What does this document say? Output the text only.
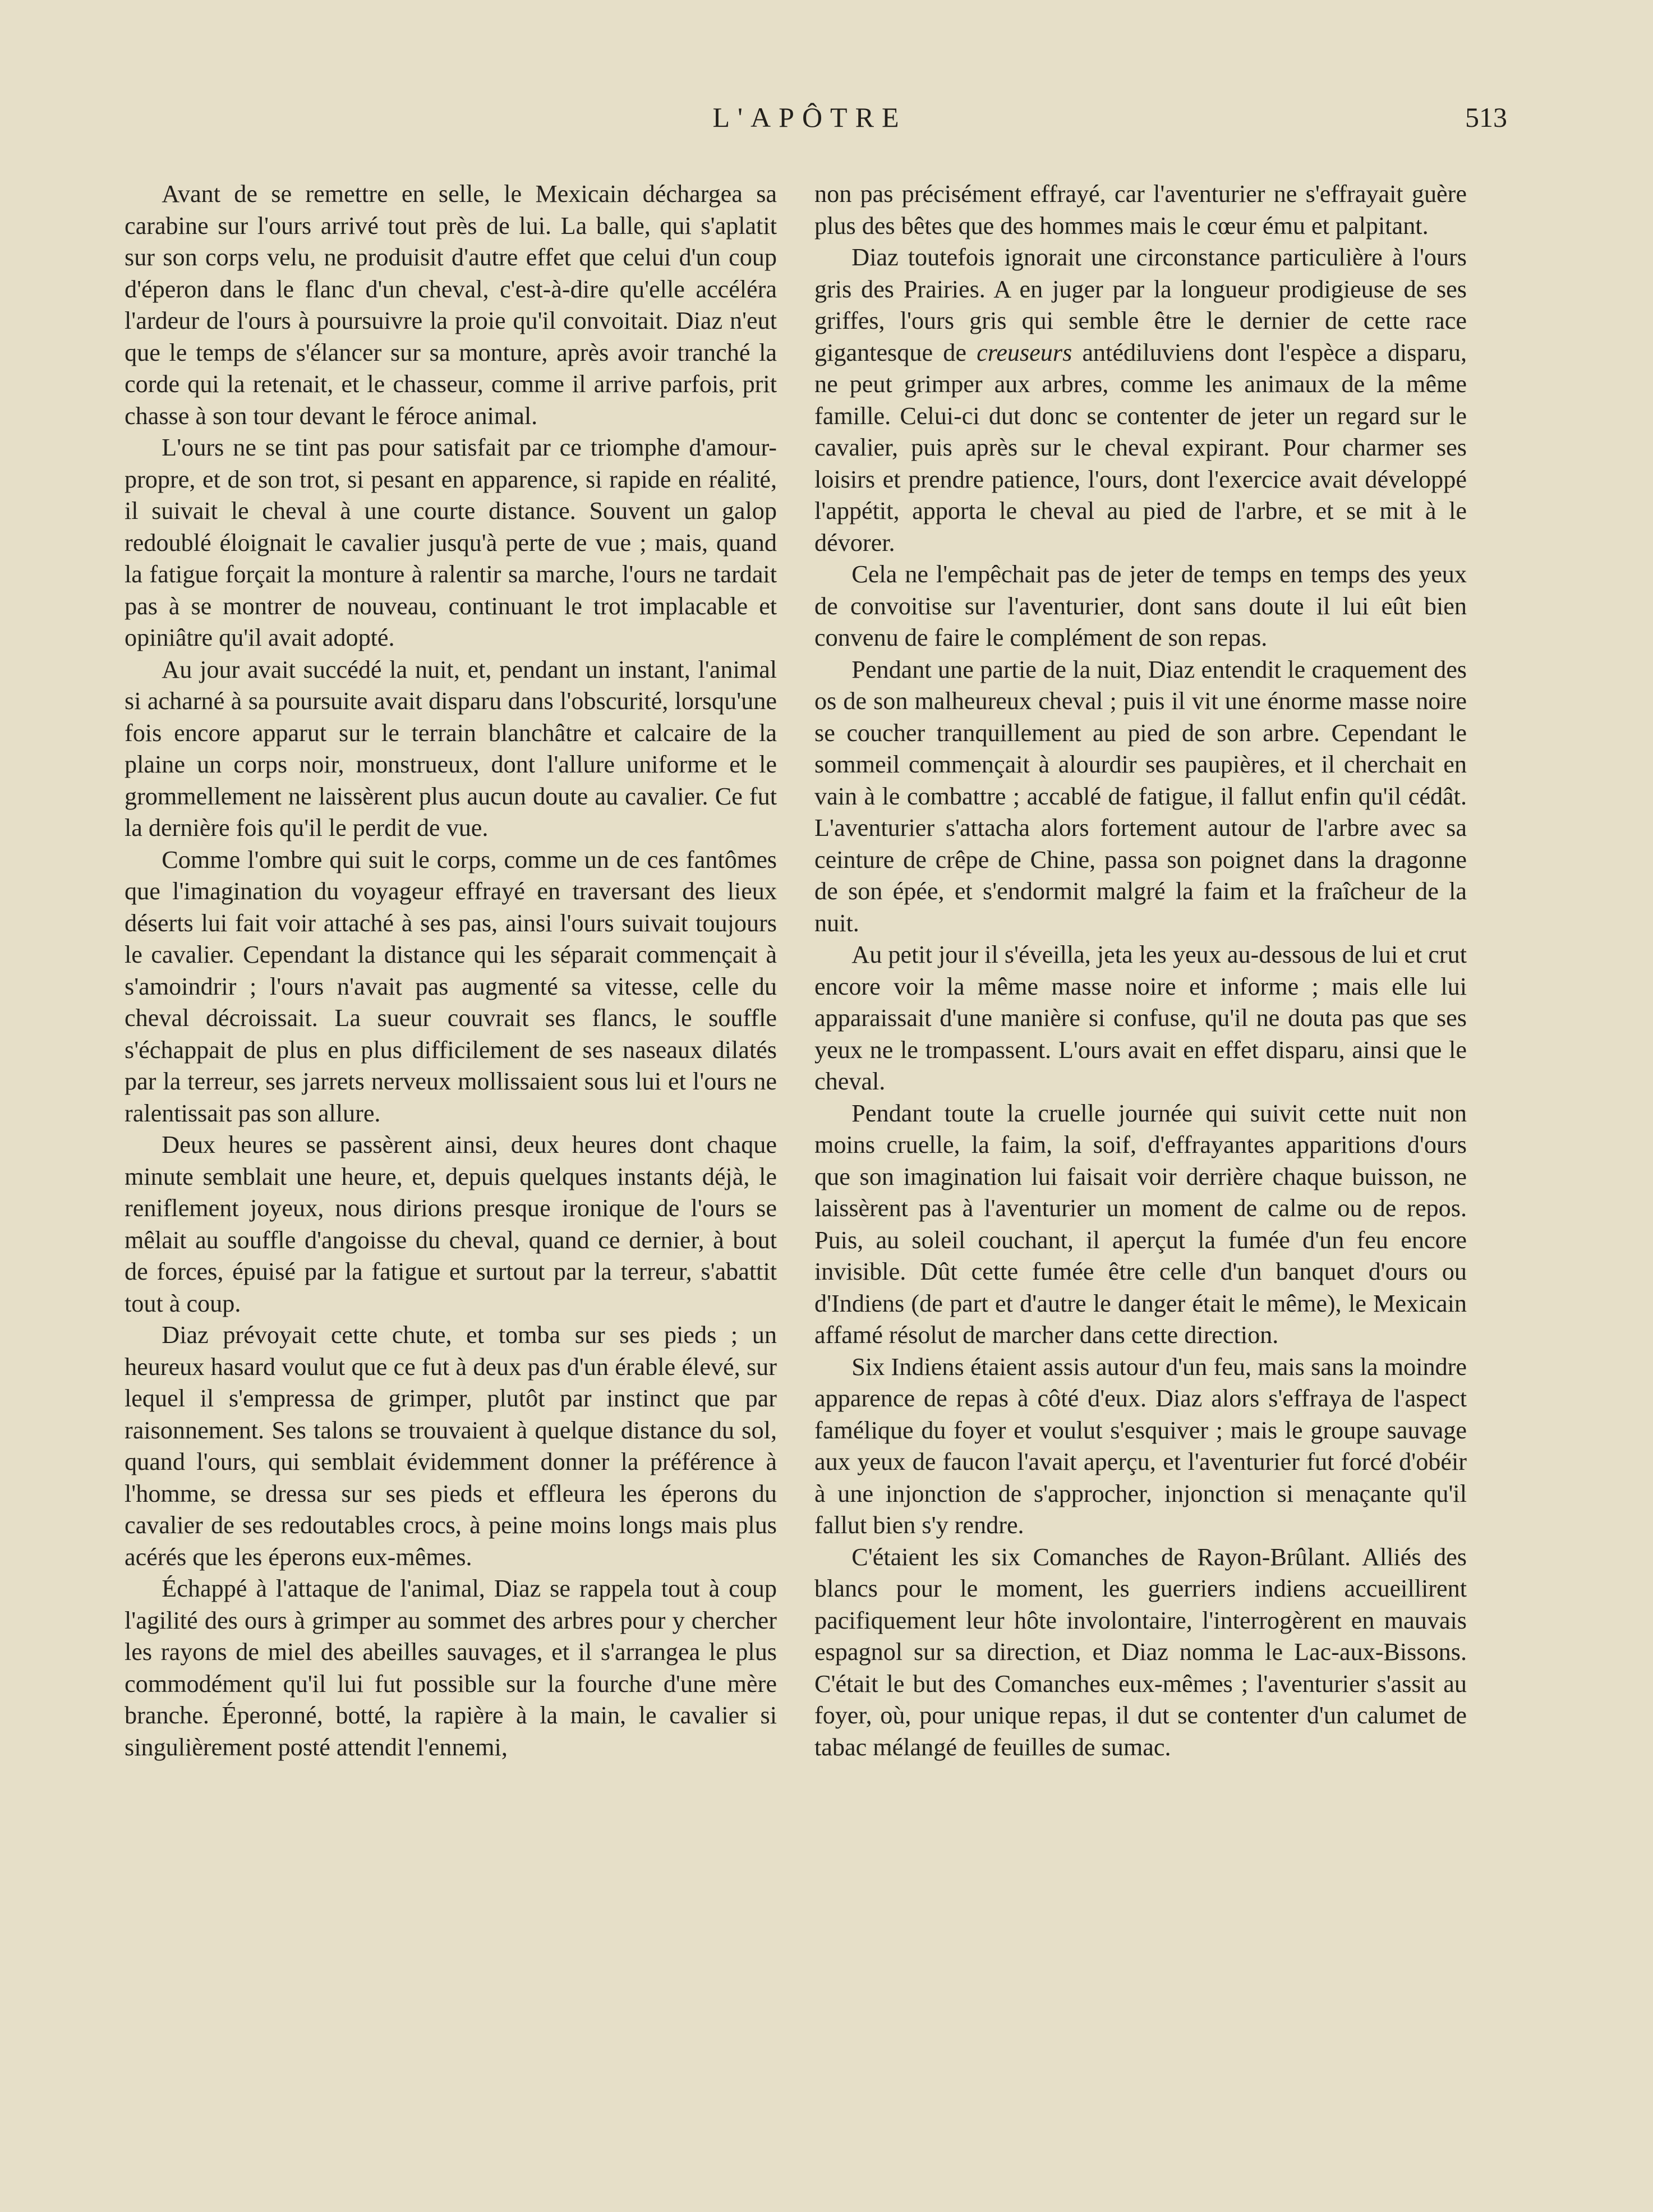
L'APÔTRE	513

Avant de se remettre en selle, le Mexicain déchargea sa carabine sur l'ours arrivé tout près de lui. La balle, qui s'aplatit sur son corps velu, ne produisit d'autre effet que celui d'un coup d'éperon dans le flanc d'un cheval, c'est-à-dire qu'elle accéléra l'ardeur de l'ours à poursuivre la proie qu'il convoitait. Diaz n'eut que le temps de s'élancer sur sa monture, après avoir tranché la corde qui la retenait, et le chasseur, comme il arrive parfois, prit chasse à son tour devant le féroce animal.

L'ours ne se tint pas pour satisfait par ce triomphe d'amour-propre, et de son trot, si pesant en apparence, si rapide en réalité, il suivait le cheval à une courte distance. Souvent un galop redoublé éloignait le cavalier jusqu'à perte de vue ; mais, quand la fatigue forçait la monture à ralentir sa marche, l'ours ne tardait pas à se montrer de nouveau, continuant le trot implacable et opiniâtre qu'il avait adopté.

Au jour avait succédé la nuit, et, pendant un instant, l'animal si acharné à sa poursuite avait disparu dans l'obscurité, lorsqu'une fois encore apparut sur le terrain blanchâtre et calcaire de la plaine un corps noir, monstrueux, dont l'allure uniforme et le grommellement ne laissèrent plus aucun doute au cavalier. Ce fut la dernière fois qu'il le perdit de vue.

Comme l'ombre qui suit le corps, comme un de ces fantômes que l'imagination du voyageur effrayé en traversant des lieux déserts lui fait voir attaché à ses pas, ainsi l'ours suivait toujours le cavalier. Cependant la distance qui les séparait commençait à s'amoindrir ; l'ours n'avait pas augmenté sa vitesse, celle du cheval décroissait. La sueur couvrait ses flancs, le souffle s'échappait de plus en plus difficilement de ses naseaux dilatés par la terreur, ses jarrets nerveux mollissaient sous lui et l'ours ne ralentissait pas son allure.

Deux heures se passèrent ainsi, deux heures dont chaque minute semblait une heure, et, depuis quelques instants déjà, le reniflement joyeux, nous dirions presque ironique de l'ours se mêlait au souffle d'angoisse du cheval, quand ce dernier, à bout de forces, épuisé par la fatigue et surtout par la terreur, s'abattit tout à coup.

Diaz prévoyait cette chute, et tomba sur ses pieds ; un heureux hasard voulut que ce fut à deux pas d'un érable élevé, sur lequel il s'empressa de grimper, plutôt par instinct que par raisonnement. Ses talons se trouvaient à quelque distance du sol, quand l'ours, qui semblait évidemment donner la préférence à l'homme, se dressa sur ses pieds et effleura les éperons du cavalier de ses redoutables crocs, à peine moins longs mais plus acérés que les éperons eux-mêmes.

Échappé à l'attaque de l'animal, Diaz se rappela tout à coup l'agilité des ours à grimper au sommet des arbres pour y chercher les rayons de miel des abeilles sauvages, et il s'arrangea le plus commodément qu'il lui fut possible sur la fourche d'une mère branche. Éperonné, botté, la rapière à la main, le cavalier si singulièrement posté attendit l'ennemi,

non pas précisément effrayé, car l'aventurier ne s'effrayait guère plus des bêtes que des hommes mais le cœur ému et palpitant.

Diaz toutefois ignorait une circonstance particulière à l'ours gris des Prairies. A en juger par la longueur prodigieuse de ses griffes, l'ours gris qui semble être le dernier de cette race gigantesque de creuseurs antédiluviens dont l'espèce a disparu, ne peut grimper aux arbres, comme les animaux de la même famille. Celui-ci dut donc se contenter de jeter un regard sur le cavalier, puis après sur le cheval expirant. Pour charmer ses loisirs et prendre patience, l'ours, dont l'exercice avait développé l'appétit, apporta le cheval au pied de l'arbre, et se mit à le dévorer.

Cela ne l'empêchait pas de jeter de temps en temps des yeux de convoitise sur l'aventurier, dont sans doute il lui eût bien convenu de faire le complément de son repas.

Pendant une partie de la nuit, Diaz entendit le craquement des os de son malheureux cheval ; puis il vit une énorme masse noire se coucher tranquillement au pied de son arbre. Cependant le sommeil commençait à alourdir ses paupières, et il cherchait en vain à le combattre ; accablé de fatigue, il fallut enfin qu'il cédât. L'aventurier s'attacha alors fortement autour de l'arbre avec sa ceinture de crêpe de Chine, passa son poignet dans la dragonne de son épée, et s'endormit malgré la faim et la fraîcheur de la nuit.

Au petit jour il s'éveilla, jeta les yeux au-dessous de lui et crut encore voir la même masse noire et informe ; mais elle lui apparaissait d'une manière si confuse, qu'il ne douta pas que ses yeux ne le trompassent. L'ours avait en effet disparu, ainsi que le cheval.

Pendant toute la cruelle journée qui suivit cette nuit non moins cruelle, la faim, la soif, d'effrayantes apparitions d'ours que son imagination lui faisait voir derrière chaque buisson, ne laissèrent pas à l'aventurier un moment de calme ou de repos. Puis, au soleil couchant, il aperçut la fumée d'un feu encore invisible. Dût cette fumée être celle d'un banquet d'ours ou d'Indiens (de part et d'autre le danger était le même), le Mexicain affamé résolut de marcher dans cette direction.

Six Indiens étaient assis autour d'un feu, mais sans la moindre apparence de repas à côté d'eux. Diaz alors s'effraya de l'aspect famélique du foyer et voulut s'esquiver ; mais le groupe sauvage aux yeux de faucon l'avait aperçu, et l'aventurier fut forcé d'obéir à une injonction de s'approcher, injonction si menaçante qu'il fallut bien s'y rendre.

C'étaient les six Comanches de Rayon-Brûlant. Alliés des blancs pour le moment, les guerriers indiens accueillirent pacifiquement leur hôte involontaire, l'interrogèrent en mauvais espagnol sur sa direction, et Diaz nomma le Lac-aux-Bissons. C'était le but des Comanches eux-mêmes ; l'aventurier s'assit au foyer, où, pour unique repas, il dut se contenter d'un calumet de tabac mélangé de feuilles de sumac.
